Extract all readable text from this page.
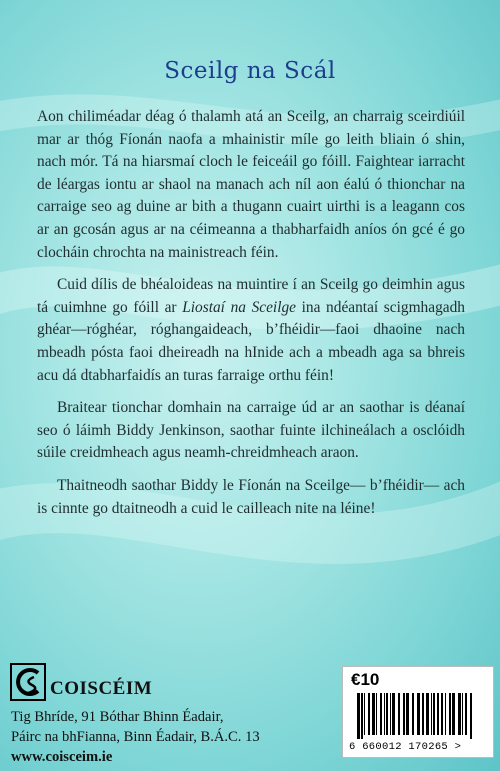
Sceilg na Scál

Aon chiliméadar déag ó thalamh atá an Sceilg, an charraig sceirdiúil mar ar thóg Fíonán naofa a mhainistir míle go leith bliain ó shin, nach mór. Tá na hiarsmaí cloch le feiceáil go fóill. Faightear iarracht de léargas iontu ar shaol na manach ach níl aon éalú ó thionchar na carraige seo ag duine ar bith a thugann cuairt uirthi is a leagann cos ar an gcosán agus ar na céimeanna a thabharfaidh aníos ón gcé é go clocháin chrochta na mainistreach féin.

Cuid dílis de bhéaloideas na muintire í an Sceilg go deimhin agus tá cuimhne go fóill ar Liostaí na Sceilge ina ndéantaí scigmhagadh ghéar—róghéar, róghangaideach, b’fhéidir—faoi dhaoine nach mbeadh pósta faoi dheireadh na hInide ach a mbeadh aga sa bhreis acu dá dtabharfaidís an turas farraige orthu féin!

Braitear tionchar domhain na carraige úd ar an saothar is déanaí seo ó láimh Biddy Jenkinson, saothar fuinte ilchineálach a osclóidh súile creidmheach agus neamh-chreidmheach araon.

Thaitneodh saothar Biddy le Fíonán na Sceilge— b’fhéidir— ach is cinnte go dtaitneodh a cuid le cailleach nite na léine!

COISCÉIM
Tig Bhríde, 91 Bóthar Bhinn Éadair,
Páirc na bhFianna, Binn Éadair, B.Á.C. 13
www.coisceim.ie
€10
6 660012 170265 >
